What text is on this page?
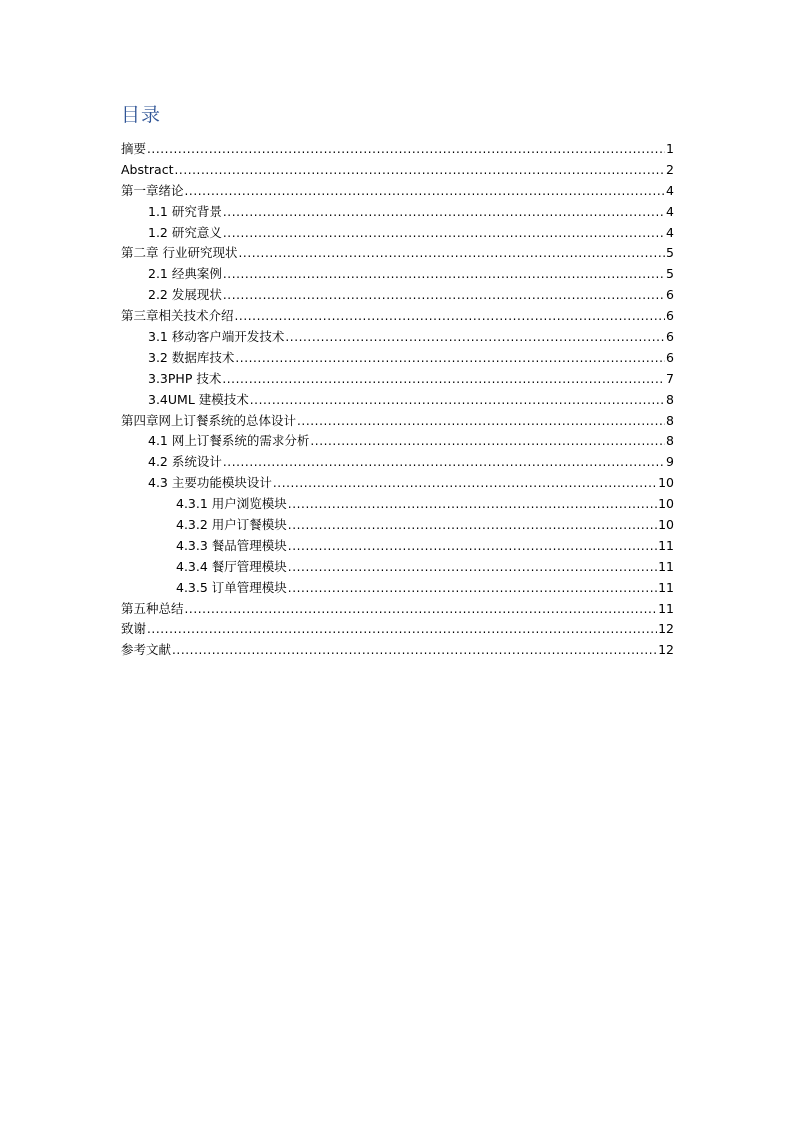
目录
摘要 .....	1
Abstract .....	2
第一章绪论 .....	4
1.1 研究背景 .....	4
1.2 研究意义 .....	4
第二章 行业研究现状 .....	5
2.1 经典案例 .....	5
2.2 发展现状 .....	6
第三章相关技术介绍 .....	6
3.1 移动客户端开发技术 .....	6
3.2 数据库技术 .....	6
3.3PHP 技术 .....	7
3.4UML 建模技术 .....	8
第四章网上订餐系统的总体设计 .....	8
4.1 网上订餐系统的需求分析 .....	8
4.2 系统设计 .....	9
4.3 主要功能模块设计 .....	10
4.3.1 用户浏览模块 .....	10
4.3.2 用户订餐模块 .....	10
4.3.3 餐品管理模块 .....	11
4.3.4 餐厅管理模块 .....	11
4.3.5 订单管理模块 .....	11
第五种总结 .....	11
致谢 .....	12
参考文献 .....	12
